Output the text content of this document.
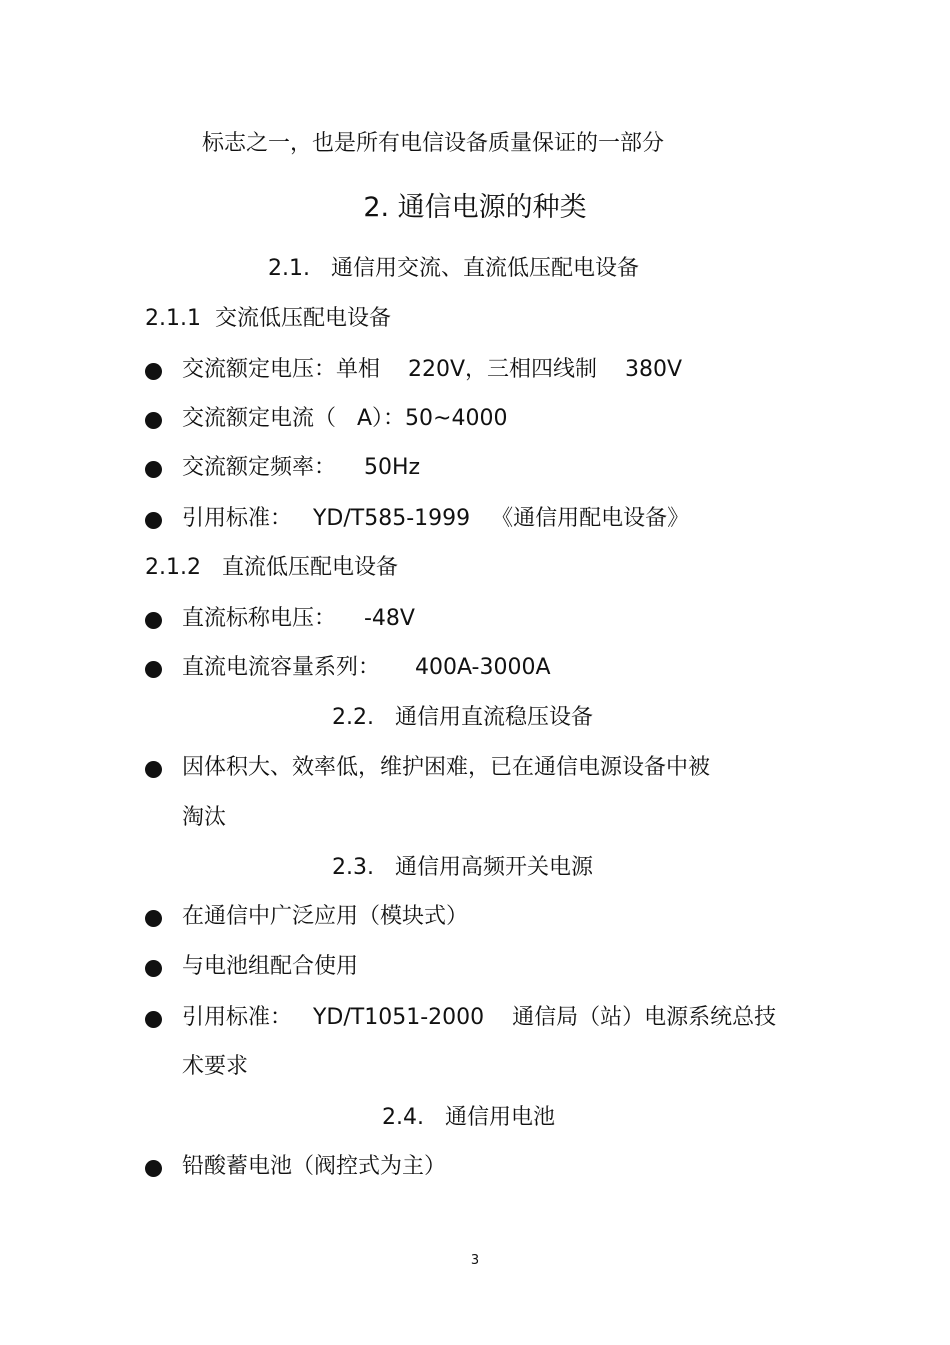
标志之一，也是所有电信设备质量保证的一部分
2. 通信电源的种类
2.1.   通信用交流、直流低压配电设备
2.1.1  交流低压配电设备

交流额定电压：单相    220V，三相四线制    380V

交流额定电流（   A）：50~4000

交流额定频率：    50Hz

引用标准：   YD/T585-1999   《通信用配电设备》

2.1.2   直流低压配电设备

直流标称电压：    -48V

直流电流容量系列：     400A-3000A

2.2.   通信用直流稳压设备

因体积大、效率低，维护困难，已在通信电源设备中被

淘汰
2.3.   通信用高频开关电源

在通信中广泛应用（模块式）

与电池组配合使用

引用标准：   YD/T1051-2000    通信局（站）电源系统总技

术要求
2.4.   通信用电池

铅酸蓄电池（阀控式为主）

3
